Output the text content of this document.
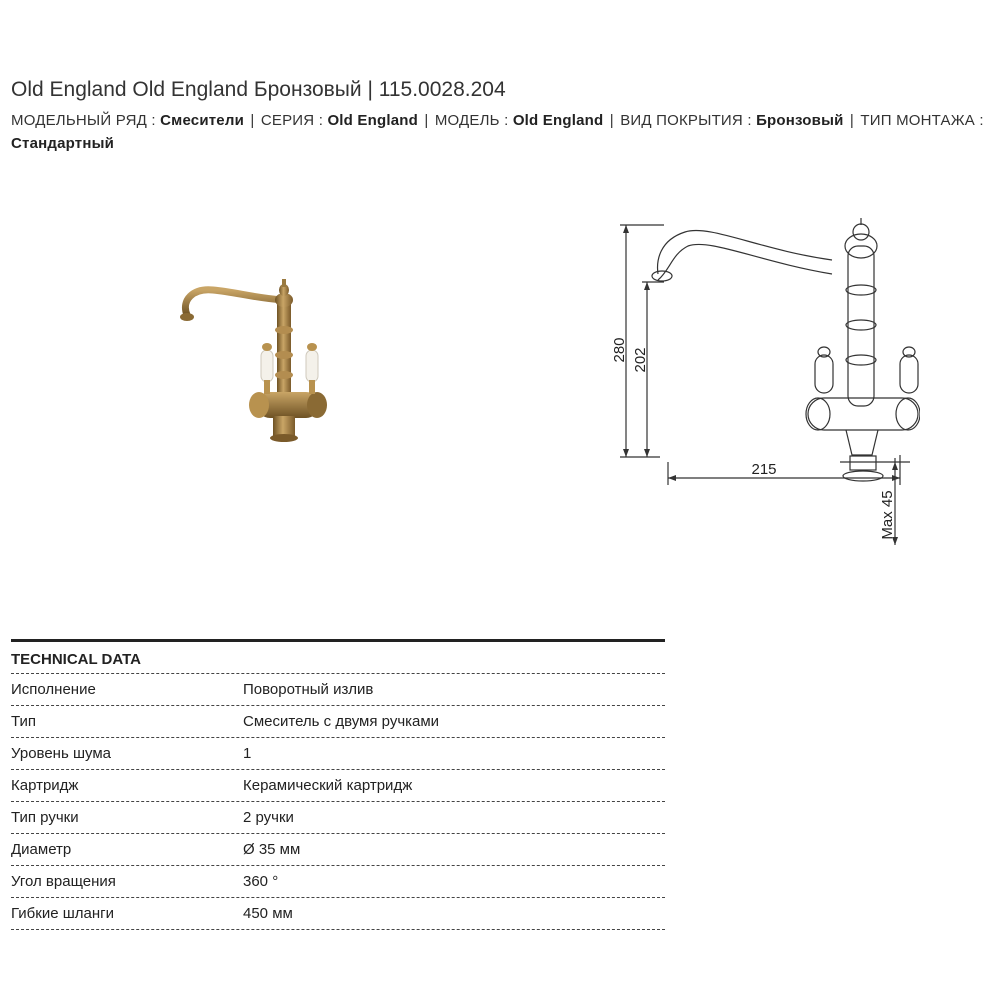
Old England Old England Бронзовый | 115.0028.204
МОДЕЛЬНЫЙ РЯД : Смесители | СЕРИЯ : Old England | МОДЕЛЬ : Old England | ВИД ПОКРЫТИЯ : Бронзовый | ТИП МОНТАЖА : Стандартный
280 202
215
Max 45
TECHNICAL DATA
Исполнение	Поворотный излив
Тип	Смеситель с двумя ручками
Уровень шума	1
Картридж	Керамический картридж
Тип ручки	2 ручки
Диаметр	Ø 35 мм
Угол вращения	360 °
Гибкие шланги	450 мм
